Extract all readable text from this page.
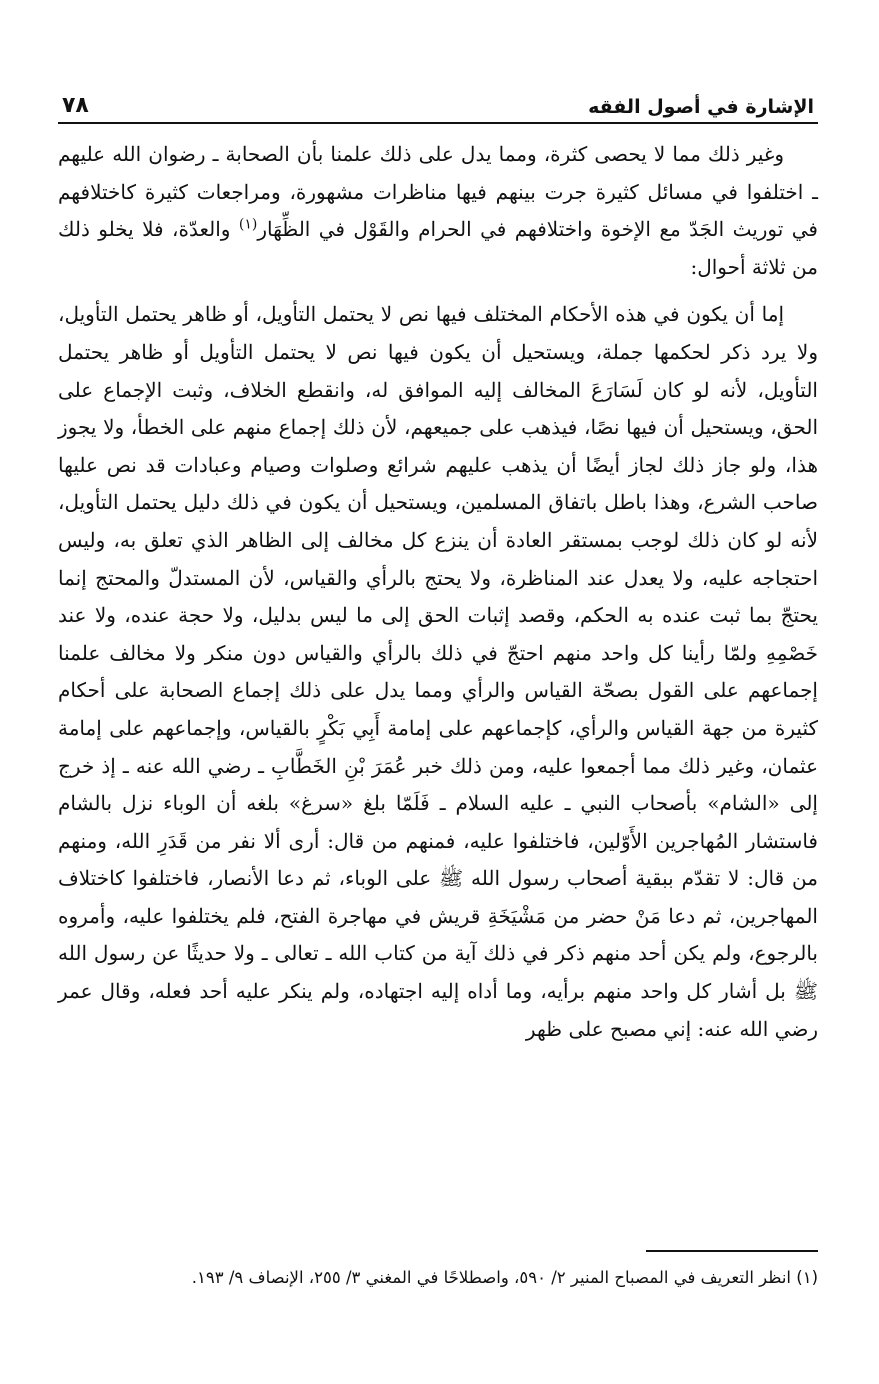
الإشارة في أصول الفقه
٧٨

وغير ذلك مما لا يحصى كثرة، ومما يدل على ذلك علمنا بأن الصحابة ـ رضوان الله عليهم ـ اختلفوا في مسائل كثيرة جرت بينهم فيها مناظرات مشهورة، ومراجعات كثيرة كاختلافهم في توريث الجَدّ مع الإخوة واختلافهم في الحرام والقَوْل في الظِّهَار$^{(١)}$ والعدّة، فلا يخلو ذلك من ثلاثة أحوال:

إما أن يكون في هذه الأحكام المختلف فيها نص لا يحتمل التأويل، أو ظاهر يحتمل التأويل، ولا يرد ذكر لحكمها جملة، ويستحيل أن يكون فيها نص لا يحتمل التأويل أو ظاهر يحتمل التأويل، لأنه لو كان لَسَارَعَ المخالف إليه الموافق له، وانقطع الخلاف، وثبت الإجماع على الحق، ويستحيل أن فيها نصًا، فيذهب على جميعهم، لأن ذلك إجماع منهم على الخطأ، ولا يجوز هذا، ولو جاز ذلك لجاز أيضًا أن يذهب عليهم شرائع وصلوات وصيام وعبادات قد نص عليها صاحب الشرع، وهذا باطل باتفاق المسلمين، ويستحيل أن يكون في ذلك دليل يحتمل التأويل، لأنه لو كان ذلك لوجب بمستقر العادة أن ينزع كل مخالف إلى الظاهر الذي تعلق به، وليس احتجاجه عليه، ولا يعدل عند المناظرة، ولا يحتج بالرأي والقياس، لأن المستدلّ والمحتج إنما يحتجّ بما ثبت عنده به الحكم، وقصد إثبات الحق إلى ما ليس بدليل، ولا حجة عنده، ولا عند خَصْمِهِ ولمّا رأينا كل واحد منهم احتجّ في ذلك بالرأي والقياس دون منكر ولا مخالف علمنا إجماعهم على القول بصحّة القياس والرأي ومما يدل على ذلك إجماع الصحابة على أحكام كثيرة من جهة القياس والرأي، كإجماعهم على إمامة أَبِي بَكْرٍ بالقياس، وإجماعهم على إمامة عثمان، وغير ذلك مما أجمعوا عليه، ومن ذلك خبر عُمَرَ بْنِ الخَطَّابِ ـ رضي الله عنه ـ إذ خرج إلى «الشام» بأصحاب النبي ـ عليه السلام ـ فَلَمّا بلغ «سرغ» بلغه أن الوباء نزل بالشام فاستشار المُهاجرين الأَوّلين، فاختلفوا عليه، فمنهم من قال: أرى ألا نفر من قَدَرِ الله، ومنهم من قال: لا تقدّم ببقية أصحاب رسول الله ﷺ على الوباء، ثم دعا الأنصار، فاختلفوا كاختلاف المهاجرين، ثم دعا مَنْ حضر من مَشْيَخَةِ قريش في مهاجرة الفتح، فلم يختلفوا عليه، وأمروه بالرجوع، ولم يكن أحد منهم ذكر في ذلك آية من كتاب الله ـ تعالى ـ ولا حديثًا عن رسول الله ﷺ بل أشار كل واحد منهم برأيه، وما أداه إليه اجتهاده، ولم ينكر عليه أحد فعله، وقال عمر رضي الله عنه: إني مصبح على ظهر

(١) انظر التعريف في المصباح المنير ٢/ ٥٩٠، واصطلاحًا في المغني ٣/ ٢٥٥، الإنصاف ٩/ ١٩٣.
